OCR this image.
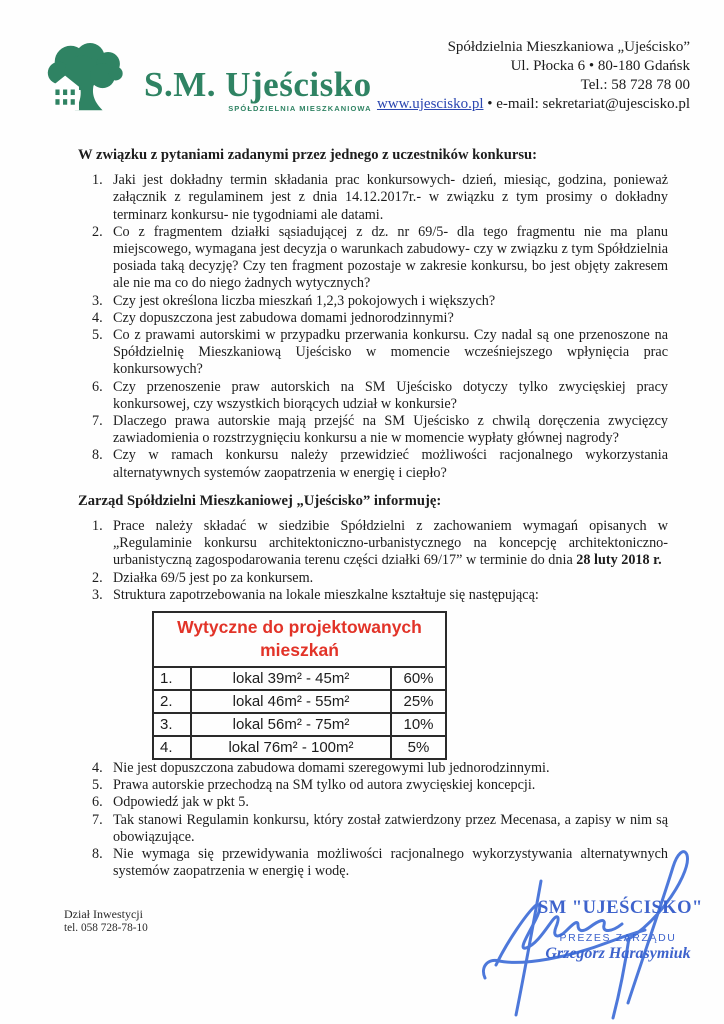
S.M. Ujeścisko
SPÓŁDZIELNIA MIESZKANIOWA
Spółdzielnia Mieszkaniowa „Ujeścisko”
Ul. Płocka 6 • 80-180 Gdańsk
Tel.: 58 728 78 00
www.ujescisko.pl • e-mail: sekretariat@ujescisko.pl

W związku z pytaniami zadanymi przez jednego z uczestników konkursu:

Jaki jest dokładny termin składania prac konkursowych- dzień, miesiąc, godzina, ponieważ załącznik z regulaminem jest z dnia 14.12.2017r.- w związku z tym prosimy o dokładny terminarz konkursu- nie tygodniami ale datami.
Co z fragmentem działki sąsiadującej z dz. nr 69/5- dla tego fragmentu nie ma planu miejscowego, wymagana jest decyzja o warunkach zabudowy- czy w związku z tym Spółdzielnia posiada taką decyzję? Czy ten fragment pozostaje w zakresie konkursu, bo jest objęty zakresem ale nie ma co do niego żadnych wytycznych?
Czy jest określona liczba mieszkań 1,2,3 pokojowych i większych?
Czy dopuszczona jest zabudowa domami jednorodzinnymi?
Co z prawami autorskimi w przypadku przerwania konkursu. Czy nadal są one przenoszone na Spółdzielnię Mieszkaniową Ujeścisko w momencie wcześniejszego wpłynięcia prac konkursowych?
Czy przenoszenie praw autorskich na SM Ujeścisko dotyczy tylko zwycięskiej pracy konkursowej, czy wszystkich biorących udział w konkursie?
Dlaczego prawa autorskie mają przejść na SM Ujeścisko z chwilą doręczenia zwycięzcy zawiadomienia o rozstrzygnięciu konkursu a nie w momencie wypłaty głównej nagrody?
Czy w ramach konkursu należy przewidzieć możliwości racjonalnego wykorzystania alternatywnych systemów zaopatrzenia w energię i ciepło?

Zarząd Spółdzielni Mieszkaniowej „Ujeścisko” informuję:

Prace należy składać w siedzibie Spółdzielni z zachowaniem wymagań opisanych w „Regulaminie konkursu architektoniczno-urbanistycznego na koncepcję architektoniczno-urbanistyczną zagospodarowania terenu części działki 69/17” w terminie do dnia 28 luty 2018 r.
Działka 69/5 jest po za konkursem.
Struktura zapotrzebowania na lokale mieszkalne kształtuje się następującą:
Wytyczne do projektowanych mieszkań		
1.	lokal 39m² - 45m²	60%
2.	lokal 46m² - 55m²	25%
3.	lokal 56m² - 75m²	10%
4.	lokal 76m² - 100m²	5%
Nie jest dopuszczona zabudowa domami szeregowymi lub jednorodzinnymi.
Prawa autorskie przechodzą na SM tylko od autora zwycięskiej koncepcji.
Odpowiedź jak w pkt 5.
Tak stanowi Regulamin konkursu, który został zatwierdzony przez Mecenasa, a zapisy w nim są obowiązujące.
Nie wymaga się przewidywania możliwości racjonalnego wykorzystywania alternatywnych systemów zaopatrzenia w energię i wodę.
Dział Inwestycji
tel. 058 728-78-10
SM "UJEŚCISKO"
PREZES ZARZĄDU
Grzegorz Harasymiuk
